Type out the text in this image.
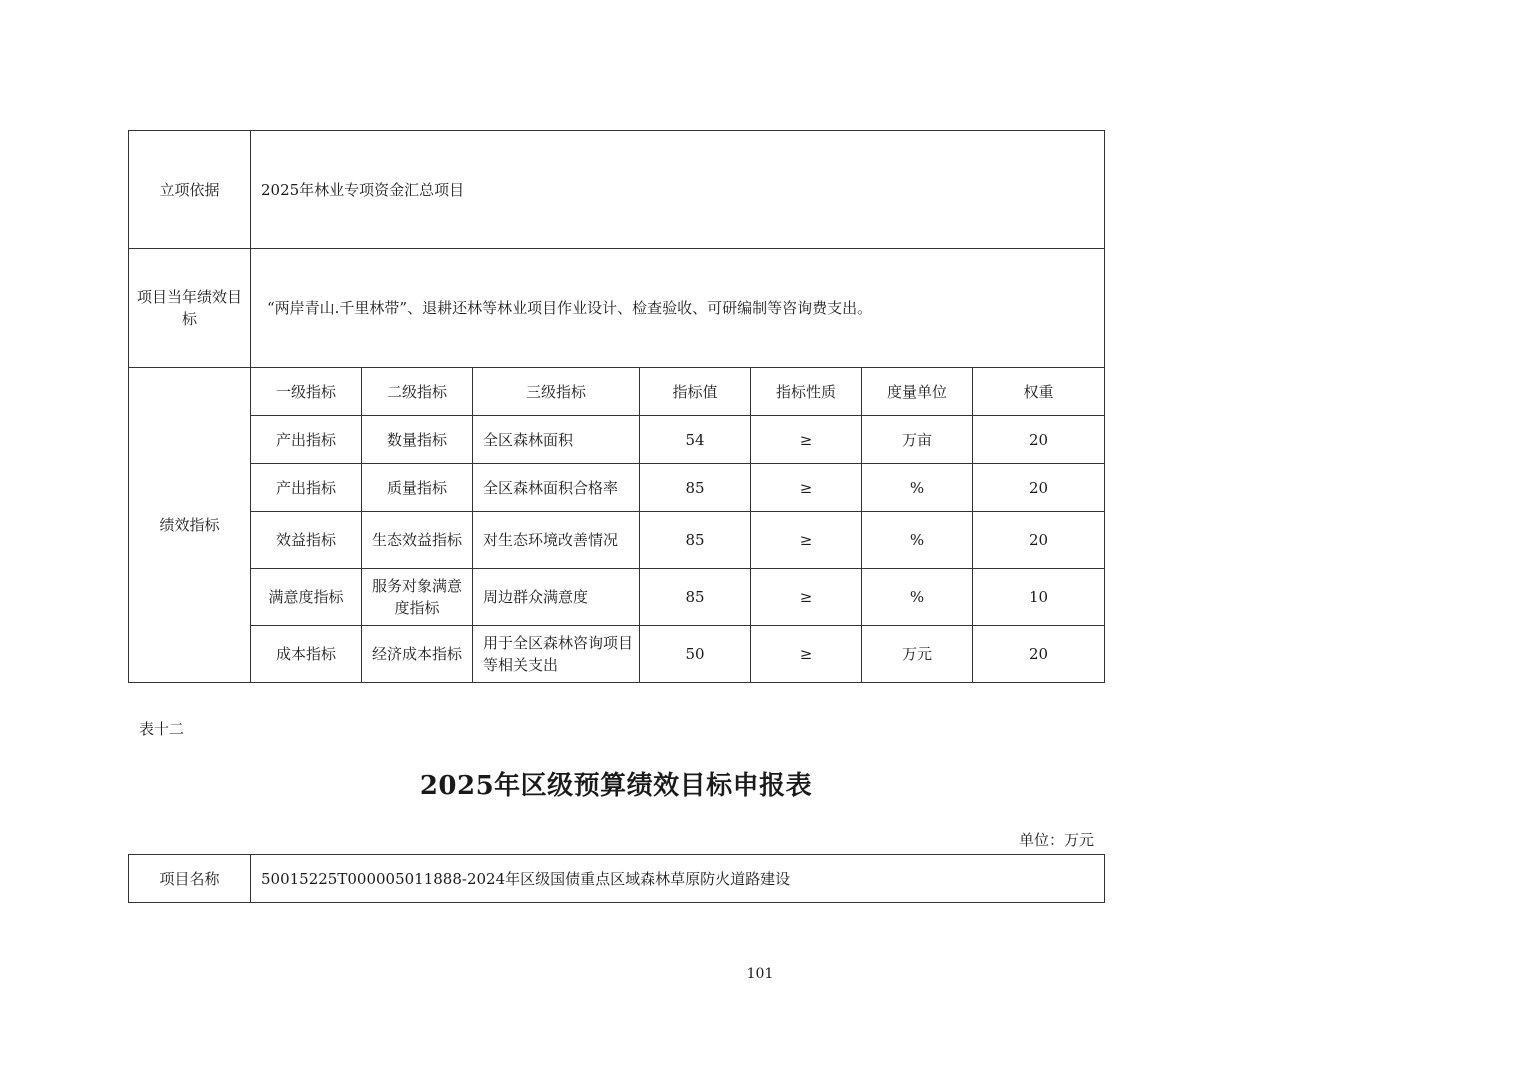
立项依据	2025年林业专项资金汇总项目						
项目当年绩效目标	“两岸青山.千里林带”、退耕还林等林业项目作业设计、检查验收、可研编制等咨询费支出。						
绩效指标	一级指标	二级指标	三级指标	指标值	指标性质	度量单位	权重
	产出指标	数量指标	全区森林面积	54	≥	万亩	20
	产出指标	质量指标	全区森林面积合格率	85	≥	%	20
	效益指标	生态效益指标	对生态环境改善情况	85	≥	%	20
	满意度指标	服务对象满意度指标	周边群众满意度	85	≥	%	10
	成本指标	经济成本指标	用于全区森林咨询项目等相关支出	50	≥	万元	20
表十二
2025年区级预算绩效目标申报表
单位：万元
项目名称	50015225T000005011888-2024年区级国债重点区域森林草原防火道路建设
101
